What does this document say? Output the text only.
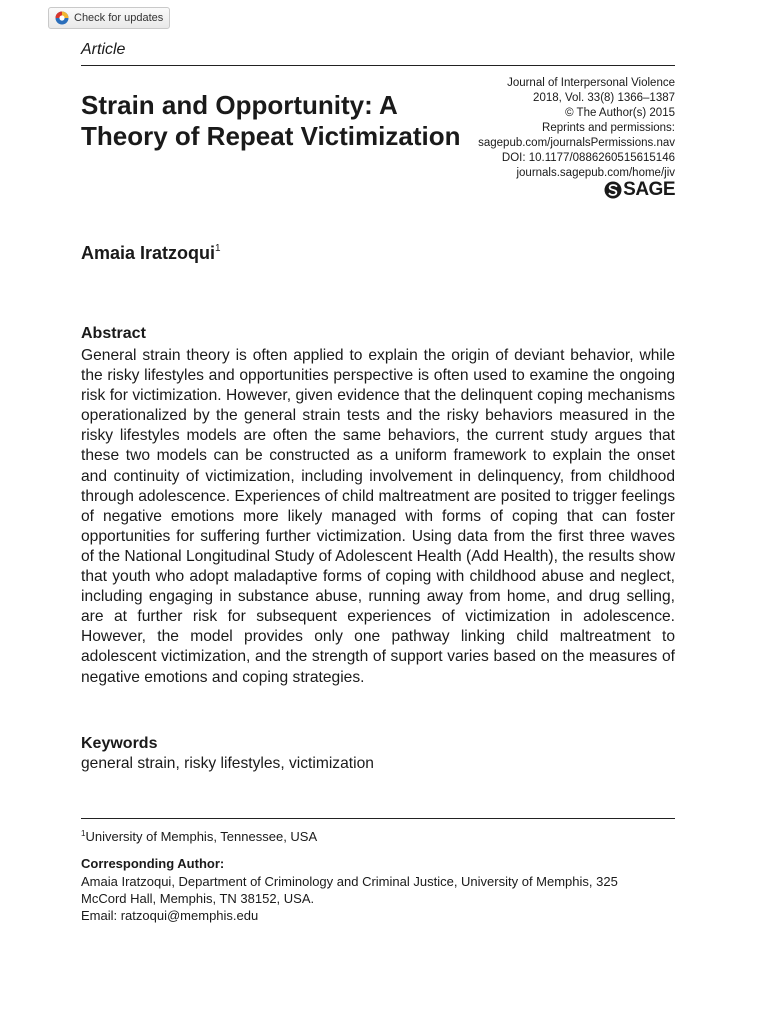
Check for updates
Article
Strain and Opportunity: A Theory of Repeat Victimization
Journal of Interpersonal Violence
2018, Vol. 33(8) 1366–1387
© The Author(s) 2015
Reprints and permissions:
sagepub.com/journalsPermissions.nav
DOI: 10.1177/0886260515615146
journals.sagepub.com/home/jiv
SAGE
Amaia Iratzoqui$^1$
Abstract

General strain theory is often applied to explain the origin of deviant behavior, while the risky lifestyles and opportunities perspective is often used to examine the ongoing risk for victimization. However, given evidence that the delinquent coping mechanisms operationalized by the general strain tests and the risky behaviors measured in the risky lifestyles models are often the same behaviors, the current study argues that these two models can be constructed as a uniform framework to explain the onset and continuity of victimization, including involvement in delinquency, from childhood through adolescence. Experiences of child maltreatment are posited to trigger feelings of negative emotions more likely managed with forms of coping that can foster opportunities for suffering further victimization. Using data from the first three waves of the National Longitudinal Study of Adolescent Health (Add Health), the results show that youth who adopt maladaptive forms of coping with childhood abuse and neglect, including engaging in substance abuse, running away from home, and drug selling, are at further risk for subsequent experiences of victimization in adolescence. However, the model provides only one pathway linking child maltreatment to adolescent victimization, and the strength of support varies based on the measures of negative emotions and coping strategies.

Keywords
general strain, risky lifestyles, victimization
$^1$University of Memphis, Tennessee, USA
Corresponding Author:
Amaia Iratzoqui, Department of Criminology and Criminal Justice, University of Memphis, 325
McCord Hall, Memphis, TN 38152, USA.
Email: ratzoqui@memphis.edu
